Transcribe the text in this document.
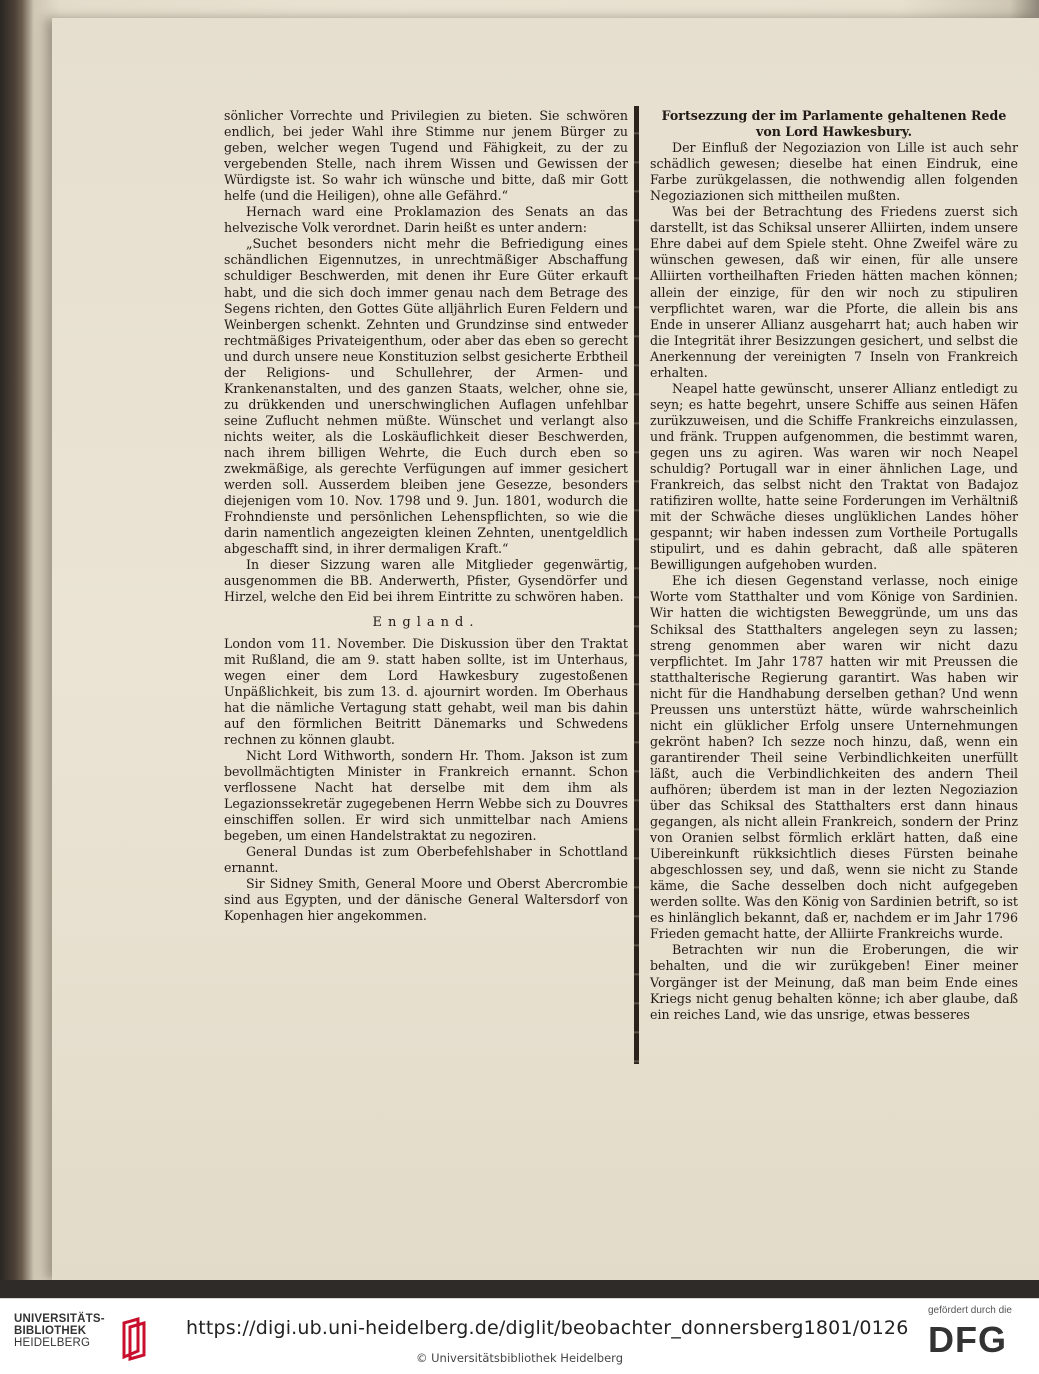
sönlicher Vorrechte und Privilegien zu bieten. Sie schwören endlich, bei jeder Wahl ihre Stimme nur jenem Bürger zu geben, welcher wegen Tugend und Fähigkeit, zu der zu vergebenden Stelle, nach ihrem Wissen und Gewissen der Würdigste ist. So wahr ich wünsche und bitte, daß mir Gott helfe (und die Heiligen), ohne alle Gefährd.“

Hernach ward eine Proklamazion des Senats an das helvezische Volk verordnet. Darin heißt es unter andern:

„Suchet besonders nicht mehr die Befriedigung eines schändlichen Eigennutzes, in unrechtmäßiger Abschaffung schuldiger Beschwerden, mit denen ihr Eure Güter erkauft habt, und die sich doch immer genau nach dem Betrage des Segens richten, den Gottes Güte alljährlich Euren Feldern und Weinbergen schenkt. Zehnten und Grundzinse sind entweder rechtmäßiges Privateigenthum, oder aber das eben so gerecht und durch unsere neue Konstituzion selbst gesicherte Erbtheil der Religions- und Schullehrer, der Armen- und Krankenanstalten, und des ganzen Staats, welcher, ohne sie, zu drükkenden und unerschwinglichen Auflagen unfehlbar seine Zuflucht nehmen müßte. Wünschet und verlangt also nichts weiter, als die Loskäuflichkeit dieser Beschwerden, nach ihrem billigen Wehrte, die Euch durch eben so zwekmäßige, als gerechte Verfügungen auf immer gesichert werden soll. Ausserdem bleiben jene Gesezze, besonders diejenigen vom 10. Nov. 1798 und 9. Jun. 1801, wodurch die Frohndienste und persönlichen Lehenspflichten, so wie die darin namentlich angezeigten kleinen Zehnten, unentgeldlich abgeschafft sind, in ihrer dermaligen Kraft.“

In dieser Sizzung waren alle Mitglieder gegenwärtig, ausgenommen die BB. Anderwerth, Pfister, Gysendörfer und Hirzel, welche den Eid bei ihrem Eintritte zu schwören haben.

England.

London vom 11. November. Die Diskussion über den Traktat mit Rußland, die am 9. statt haben sollte, ist im Unterhaus, wegen einer dem Lord Hawkesbury zugestoßenen Unpäßlichkeit, bis zum 13. d. ajournirt worden. Im Oberhaus hat die nämliche Vertagung statt gehabt, weil man bis dahin auf den förmlichen Beitritt Dänemarks und Schwedens rechnen zu können glaubt.

Nicht Lord Withworth, sondern Hr. Thom. Jakson ist zum bevollmächtigten Minister in Frankreich ernannt. Schon verflossene Nacht hat derselbe mit dem ihm als Legazionssekretär zugegebenen Herrn Webbe sich zu Douvres einschiffen sollen. Er wird sich unmittelbar nach Amiens begeben, um einen Handelstraktat zu negoziren.

General Dundas ist zum Oberbefehlshaber in Schottland ernannt.

Sir Sidney Smith, General Moore und Oberst Abercrombie sind aus Egypten, und der dänische General Waltersdorf von Kopenhagen hier angekommen.

Fortsezzung der im Parlamente gehaltenen Rede von Lord Hawkesbury.

Der Einfluß der Negoziazion von Lille ist auch sehr schädlich gewesen; dieselbe hat einen Eindruk, eine Farbe zurükgelassen, die nothwendig allen folgenden Negoziazionen sich mittheilen mußten.

Was bei der Betrachtung des Friedens zuerst sich darstellt, ist das Schiksal unserer Alliirten, indem unsere Ehre dabei auf dem Spiele steht. Ohne Zweifel wäre zu wünschen gewesen, daß wir einen, für alle unsere Alliirten vortheilhaften Frieden hätten machen können; allein der einzige, für den wir noch zu stipuliren verpflichtet waren, war die Pforte, die allein bis ans Ende in unserer Allianz ausgeharrt hat; auch haben wir die Integrität ihrer Besizzungen gesichert, und selbst die Anerkennung der vereinigten 7 Inseln von Frankreich erhalten.

Neapel hatte gewünscht, unserer Allianz entledigt zu seyn; es hatte begehrt, unsere Schiffe aus seinen Häfen zurükzuweisen, und die Schiffe Frankreichs einzulassen, und fränk. Truppen aufgenommen, die bestimmt waren, gegen uns zu agiren. Was waren wir noch Neapel schuldig? Portugall war in einer ähnlichen Lage, und Frankreich, das selbst nicht den Traktat von Badajoz ratifiziren wollte, hatte seine Forderungen im Verhältniß mit der Schwäche dieses unglüklichen Landes höher gespannt; wir haben indessen zum Vortheile Portugalls stipulirt, und es dahin gebracht, daß alle späteren Bewilligungen aufgehoben wurden.

Ehe ich diesen Gegenstand verlasse, noch einige Worte vom Statthalter und vom Könige von Sardinien. Wir hatten die wichtigsten Beweggründe, um uns das Schiksal des Statthalters angelegen seyn zu lassen; streng genommen aber waren wir nicht dazu verpflichtet. Im Jahr 1787 hatten wir mit Preussen die statthalterische Regierung garantirt. Was haben wir nicht für die Handhabung derselben gethan? Und wenn Preussen uns unterstüzt hätte, würde wahrscheinlich nicht ein glüklicher Erfolg unsere Unternehmungen gekrönt haben? Ich sezze noch hinzu, daß, wenn ein garantirender Theil seine Verbindlichkeiten unerfüllt läßt, auch die Verbindlichkeiten des andern Theil aufhören; überdem ist man in der lezten Negoziazion über das Schiksal des Statthalters erst dann hinaus gegangen, als nicht allein Frankreich, sondern der Prinz von Oranien selbst förmlich erklärt hatten, daß eine Uibereinkunft rükksichtlich dieses Fürsten beinahe abgeschlossen sey, und daß, wenn sie nicht zu Stande käme, die Sache desselben doch nicht aufgegeben werden sollte. Was den König von Sardinien betrift, so ist es hinlänglich bekannt, daß er, nachdem er im Jahr 1796 Frieden gemacht hatte, der Alliirte Frankreichs wurde.

Betrachten wir nun die Eroberungen, die wir behalten, und die wir zurükgeben! Einer meiner Vorgänger ist der Meinung, daß man beim Ende eines Kriegs nicht genug behalten könne; ich aber glaube, daß ein reiches Land, wie das unsrige, etwas besseres

UNIVERSITÄTS-
BIBLIOTHEK
HEIDELBERG
https://digi.ub.uni-heidelberg.de/diglit/beobachter_donnersberg1801/0126
© Universitätsbibliothek Heidelberg
gefördert durch die
DFG
